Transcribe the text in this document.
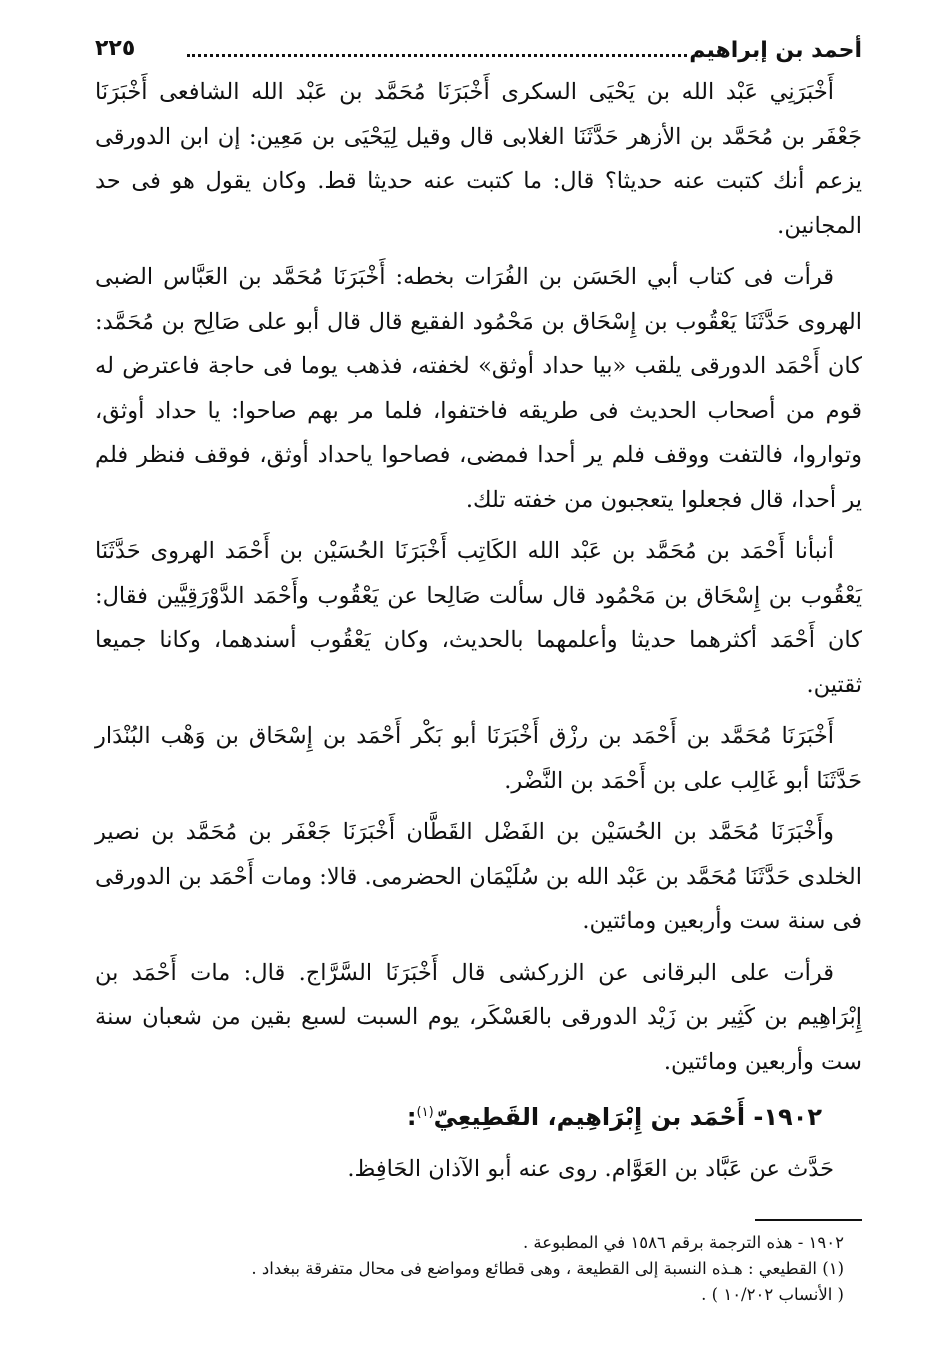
أحمد بن إبراهيم
٢٢٥

أَخْبَرَنِي عَبْد الله بن يَحْيَى السكرى أَخْبَرَنَا مُحَمَّد بن عَبْد الله الشافعى أَخْبَرَنَا جَعْفَر بن مُحَمَّد بن الأزهر حَدَّثَنَا الغلابى قال وقيل لِيَحْيَى بن مَعِين: إن ابن الدورقى يزعم أنك كتبت عنه حديثا؟ قال: ما كتبت عنه حديثا قط. وكان يقول هو فى حد المجانين.

قرأت فى كتاب أبي الحَسَن بن الفُرَات بخطه: أَخْبَرَنَا مُحَمَّد بن العَبَّاس الضبى الهروى حَدَّثَنَا يَعْقُوب بن إِسْحَاق بن مَحْمُود الفقيع قال قال أبو على صَالِح بن مُحَمَّد: كان أَحْمَد الدورقى يلقب «بيا حداد أوثق» لخفته، فذهب يوما فى حاجة فاعترض له قوم من أصحاب الحديث فى طريقه فاختفوا، فلما مر بهم صاحوا: يا حداد أوثق، وتواروا، فالتفت ووقف فلم ير أحدا فمضى، فصاحوا ياحداد أوثق، فوقف فنظر فلم ير أحدا، قال فجعلوا يتعجبون من خفته تلك.

أنبأنا أَحْمَد بن مُحَمَّد بن عَبْد الله الكَاتِب أَخْبَرَنَا الحُسَيْن بن أَحْمَد الهروى حَدَّثَنَا يَعْقُوب بن إِسْحَاق بن مَحْمُود قال سألت صَالِحا عن يَعْقُوب وأَحْمَد الدَّوْرَقِيَّين فقال: كان أَحْمَد أكثرهما حديثا وأعلمهما بالحديث، وكان يَعْقُوب أسندهما، وكانا جميعا ثقتين.

أَخْبَرَنَا مُحَمَّد بن أَحْمَد بن رزْق أَخْبَرَنَا أبو بَكْر أَحْمَد بن إِسْحَاق بن وَهْب البُنْدَار حَدَّثَنَا أبو غَالِب على بن أَحْمَد بن النَّضْر.

وأَخْبَرَنَا مُحَمَّد بن الحُسَيْن بن الفَضْل القَطَّان أَخْبَرَنَا جَعْفَر بن مُحَمَّد بن نصير الخلدى حَدَّثَنَا مُحَمَّد بن عَبْد الله بن سُلَيْمَان الحضرمى. قالا: ومات أَحْمَد بن الدورقى فى سنة ست وأربعين ومائتين.

قرأت على البرقانى عن الزركشى قال أَخْبَرَنَا السَّرَّاج. قال: مات أَحْمَد بن إِبْرَاهِيم بن كَثِير بن زَيْد الدورقى بالعَسْكَر، يوم السبت لسبع بقين من شعبان سنة ست وأربعين ومائتين.

١٩٠٢- أَحْمَد بن إِبْرَاهِيم، القَطِيعِيّ$^{(١)}$:

حَدَّث عن عَبَّاد بن العَوَّام. روى عنه أبو الآذان الحَافِظ.

١٩٠٢ - هذه الترجمة برقم ١٥٨٦ في المطبوعة .
(١) القطيعي : هـذه النسبة إلى القطيعة ، وهى قطائع ومواضع فى محال متفرقة ببغداد .
( الأنساب ١٠/٢٠٢ ) .
